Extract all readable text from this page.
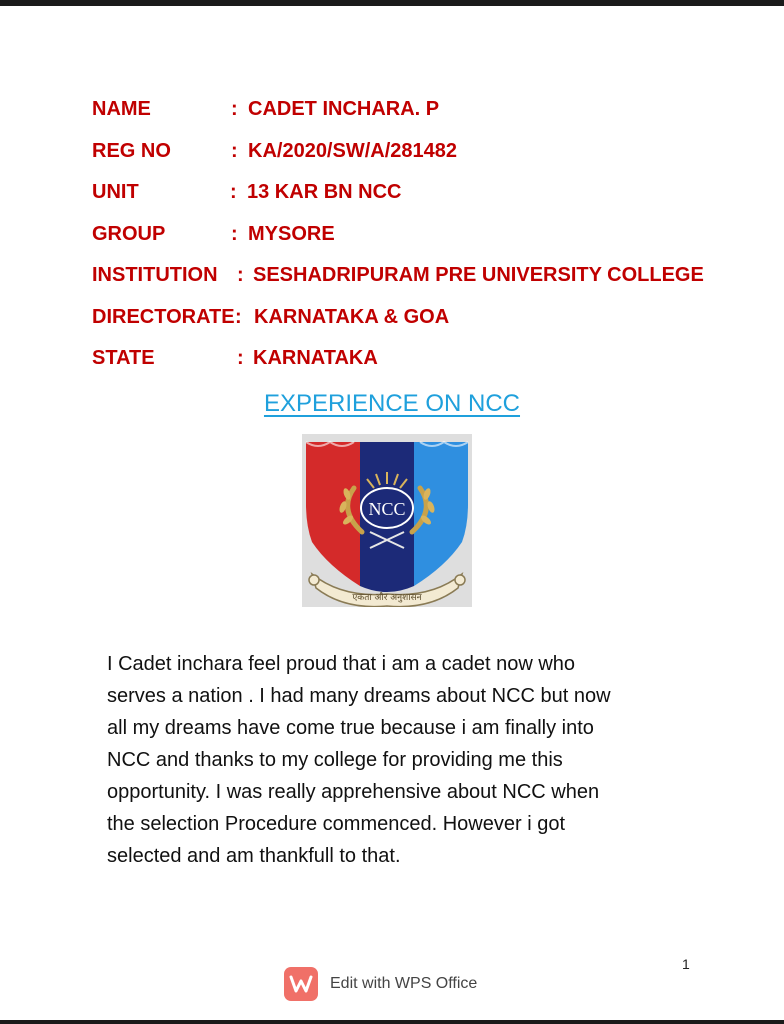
NAME	: CADET INCHARA. P
REG NO	: KA/2020/SW/A/281482
UNIT	: 13 KAR BN NCC
GROUP	: MYSORE
INSTITUTION : SESHADRIPURAM PRE UNIVERSITY COLLEGE
DIRECTORATE : KARNATAKA & GOA
STATE	: KARNATAKA
EXPERIENCE ON NCC
NCC
एकता और अनुशासन
I Cadet inchara feel proud that i am a cadet now who
serves a nation . I had many dreams about NCC but now
all my dreams have come true because i am finally into
NCC and thanks to my college for providing me this
opportunity. I was really apprehensive about NCC when
the selection Procedure commenced. However i got
selected and am thankfull to that.
1
Edit with WPS Office
